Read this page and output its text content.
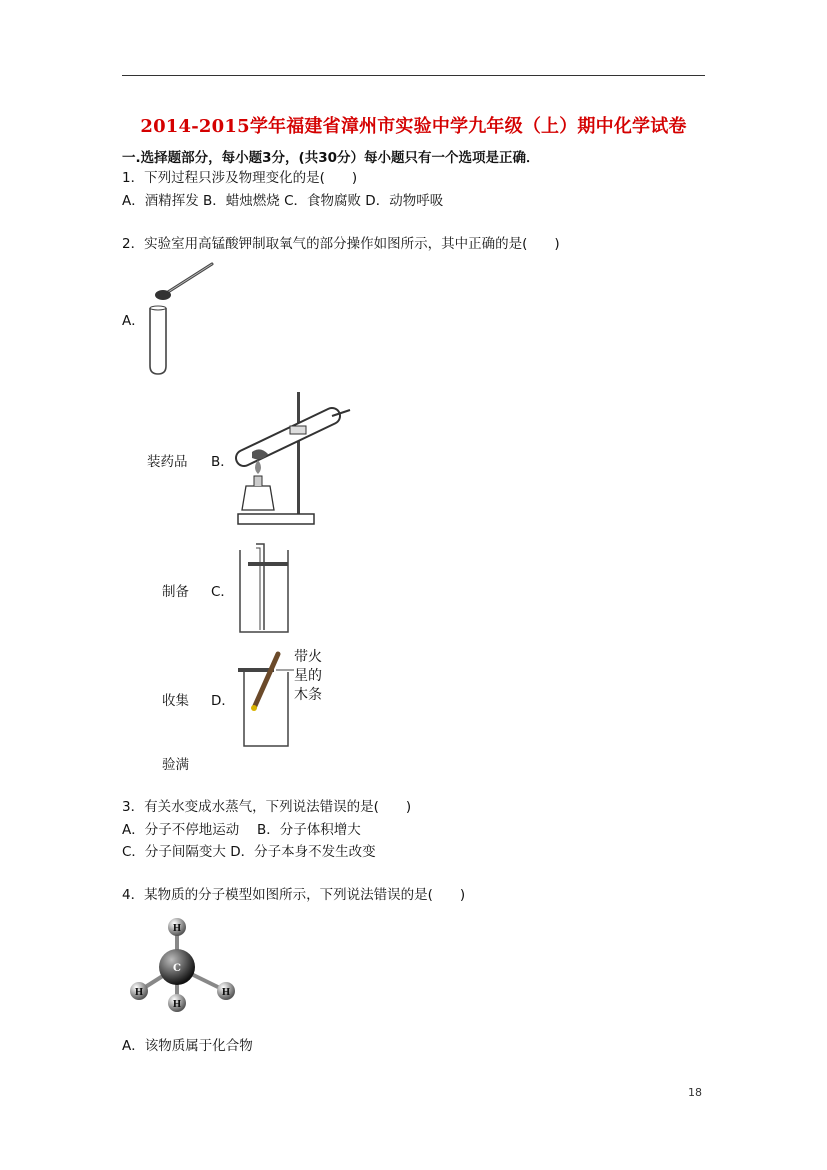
2014-2015学年福建省漳州市实验中学九年级（上）期中化学试卷
一.选择题部分，每小题3分，(共30分）每小题只有一个选项是正确．
1．下列过程只涉及物理变化的是(　　)
A．酒精挥发 B．蜡烛燃烧 C．食物腐败 D．动物呼吸
2．实验室用高锰酸钾制取氧气的部分操作如图所示，其中正确的是(　　)
A．
装药品 B．
制备 C．
带火
星的
木条
收集 D．
验满
3．有关水变成水蒸气，下列说法错误的是(　　)
A．分子不停地运动　 B．分子体积增大
C．分子间隔变大 D．分子本身不发生改变
4．某物质的分子模型如图所示，下列说法错误的是(　　)
C
H
H	H
H
A．该物质属于化合物
18
